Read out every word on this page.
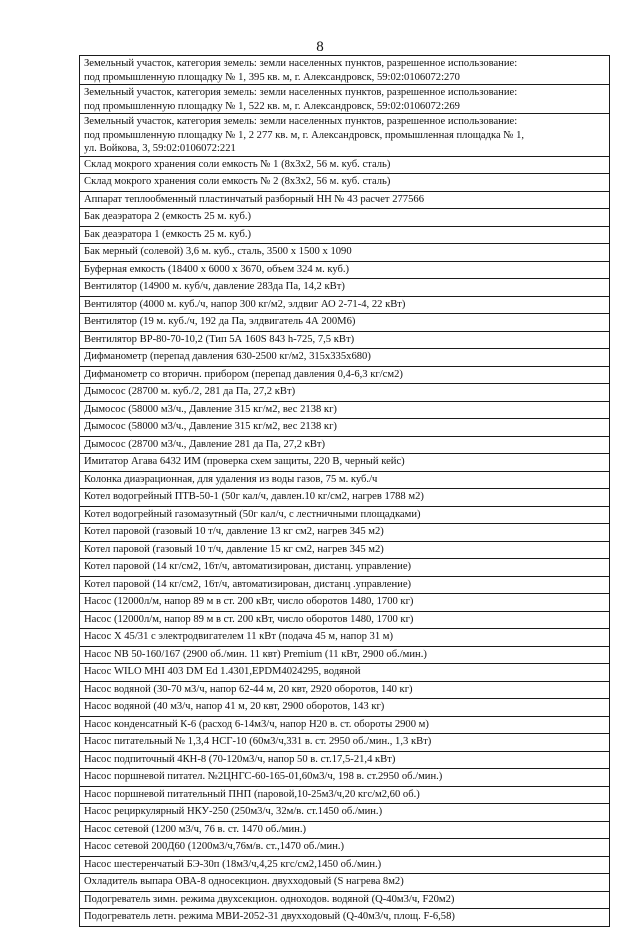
8
Земельный участок, категория земель: земли населенных пунктов, разрешенное использование:
под промышленную площадку № 1, 395 кв. м, г. Александровск, 59:02:0106072:270

Земельный участок, категория земель: земли населенных пунктов, разрешенное использование:
под промышленную площадку № 1, 522 кв. м, г. Александровск, 59:02:0106072:269

Земельный участок, категория земель: земли населенных пунктов, разрешенное использование:
под промышленную площадку № 1, 2 277 кв. м, г. Александровск, промышленная площадка № 1,
ул. Войкова, 3, 59:02:0106072:221

Склад мокрого хранения соли емкость № 1 (8х3х2, 56 м. куб. сталь)

Склад мокрого хранения соли емкость № 2 (8х3х2, 56 м. куб. сталь)

Аппарат теплообменный пластинчатый разборный НН № 43 расчет 277566

Бак деаэратора 2 (емкость 25 м. куб.)

Бак деаэратора 1 (емкость 25 м. куб.)

Бак мерный (солевой) 3,6 м. куб., сталь, 3500 х 1500 х 1090

Буферная емкость (18400 х 6000 х 3670, объем 324 м. куб.)

Вентилятор (14900 м. куб/ч, давление 283да Па, 14,2 кВт)

Вентилятор (4000 м. куб./ч, напор 300 кг/м2, элдвиг АО 2-71-4, 22 кВт)

Вентилятор (19 м. куб./ч, 192 да Па, элдвигатель 4А 200М6)

Вентилятор ВР-80-70-10,2 (Тип 5А 160S 843 h-725, 7,5 кВт)

Дифманометр (перепад давления 630-2500 кг/м2, 315х335х680)

Дифманометр со вторичн. прибором (перепад давления 0,4-6,3 кг/см2)

Дымосос (28700 м. куб./2, 281 да Па, 27,2 кВт)

Дымосос (58000 м3/ч., Давление 315 кг/м2, вес 2138 кг)

Дымосос (58000 м3/ч., Давление 315 кг/м2, вес 2138 кг)

Дымосос (28700 м3/ч., Давление 281 да Па, 27,2 кВт)

Имитатор Агава 6432 ИМ (проверка схем защиты, 220 В, черный кейс)

Колонка диаэрационная, для удаления из воды газов, 75 м. куб./ч

Котел водогрейный ПТВ-50-1 (50г кал/ч, давлен.10 кг/см2, нагрев 1788 м2)

Котел водогрейный газомазутный (50г кал/ч, с лестничными площадками)

Котел паровой (газовый 10 т/ч, давление 13 кг см2, нагрев 345 м2)

Котел паровой (газовый 10 т/ч, давление 15 кг см2, нагрев 345 м2)

Котел паровой (14 кг/см2, 16т/ч, автоматизирован, дистанц. управление)

Котел паровой (14 кг/см2, 16т/ч, автоматизирован, дистанц .управление)

Насос (12000л/м, напор 89 м в ст. 200 кВт, число оборотов 1480, 1700 кг)

Насос (12000л/м, напор 89 м в ст. 200 кВт, число оборотов 1480, 1700 кг)

Насос Х 45/31 с электродвигателем 11 кВт (подача 45 м, напор 31 м)

Насос NB 50-160/167 (2900 об./мин. 11 квт) Premium (11 кВт, 2900 об./мин.)

Насос WILO MHI 403 DM Ed 1.4301,EPDM4024295, водяной

Насос водяной (30-70 м3/ч, напор 62-44 м, 20 квт, 2920 оборотов, 140 кг)

Насос водяной (40 м3/ч, напор 41 м, 20 квт, 2900 оборотов, 143 кг)

Насос конденсатный К-6 (расход 6-14м3/ч, напор Н20 в. ст. обороты 2900 м)

Насос питательный № 1,3,4 НСГ-10 (60м3/ч,331 в. ст. 2950 об./мин., 1,3 кВт)

Насос подпиточный 4КН-8 (70-120м3/ч, напор 50 в. ст.17,5-21,4 кВт)

Насос поршневой питател. №2ЦНГС-60-165-01,60м3/ч, 198 в. ст.2950 об./мин.)

Насос поршневой питательный ПНП (паровой,10-25м3/ч,20 кгс/м2,60 об.)

Насос рециркулярный НКУ-250 (250м3/ч, 32м/в. ст.1450 об./мин.)

Насос сетевой (1200 м3/ч, 76 в. ст. 1470 об./мин.)

Насос сетевой 200Д60 (1200м3/ч,76м/в. ст.,1470 об./мин.)

Насос шестеренчатый БЭ-30п (18м3/ч,4,25 кгс/см2,1450 об./мин.)

Охладитель выпара ОВА-8 односекцион. двухходовый (S нагрева 8м2)

Подогреватель зимн. режима двухсекцион. одноходов. водяной (Q-40м3/ч, F20м2)

Подогреватель летн. режима МВИ-2052-31 двухходовый (Q-40м3/ч, площ. F-6,58)
